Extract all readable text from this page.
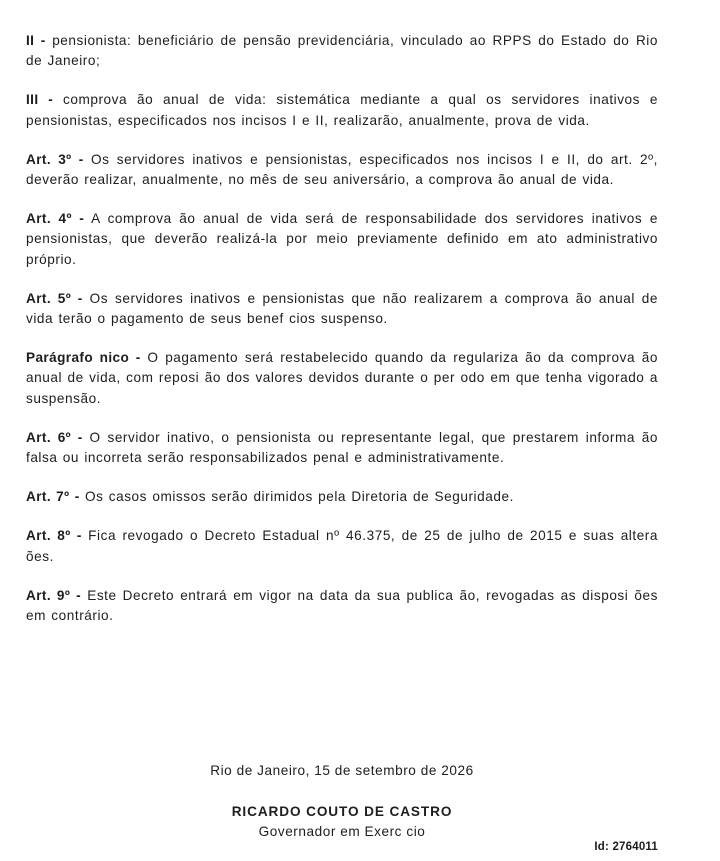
II - pensionista: beneficiário de pensão previdenciária, vinculado ao RPPS do Estado do Rio de Janeiro;

III - comprova ão anual de vida: sistemática mediante a qual os servidores inativos e pensionistas, especificados nos incisos I e II, realizarão, anualmente, prova de vida.

Art. 3º - Os servidores inativos e pensionistas, especificados nos incisos I e II, do art. 2º, deverão realizar, anualmente, no mês de seu aniversário, a comprova ão anual de vida.

Art. 4º - A comprova ão anual de vida será de responsabilidade dos servidores inativos e pensionistas, que deverão realizá-la por meio previamente definido em ato administrativo próprio.

Art. 5º - Os servidores inativos e pensionistas que não realizarem a comprova ão anual de vida terão o pagamento de seus benef cios suspenso.

Parágrafo nico - O pagamento será restabelecido quando da regulariza ão da comprova ão anual de vida, com reposi ão dos valores devidos durante o per odo em que tenha vigorado a suspensão.

Art. 6º - O servidor inativo, o pensionista ou representante legal, que prestarem informa ão falsa ou incorreta serão responsabilizados penal e administrativamente.

Art. 7º - Os casos omissos serão dirimidos pela Diretoria de Seguridade.

Art. 8º - Fica revogado o Decreto Estadual nº 46.375, de 25 de julho de 2015 e suas altera ões.

Art. 9º - Este Decreto entrará em vigor na data da sua publica ão, revogadas as disposi ões em contrário.

Rio de Janeiro, 15 de setembro de 2026
RICARDO COUTO DE CASTRO
Governador em Exerc cio
Id: 2764011
